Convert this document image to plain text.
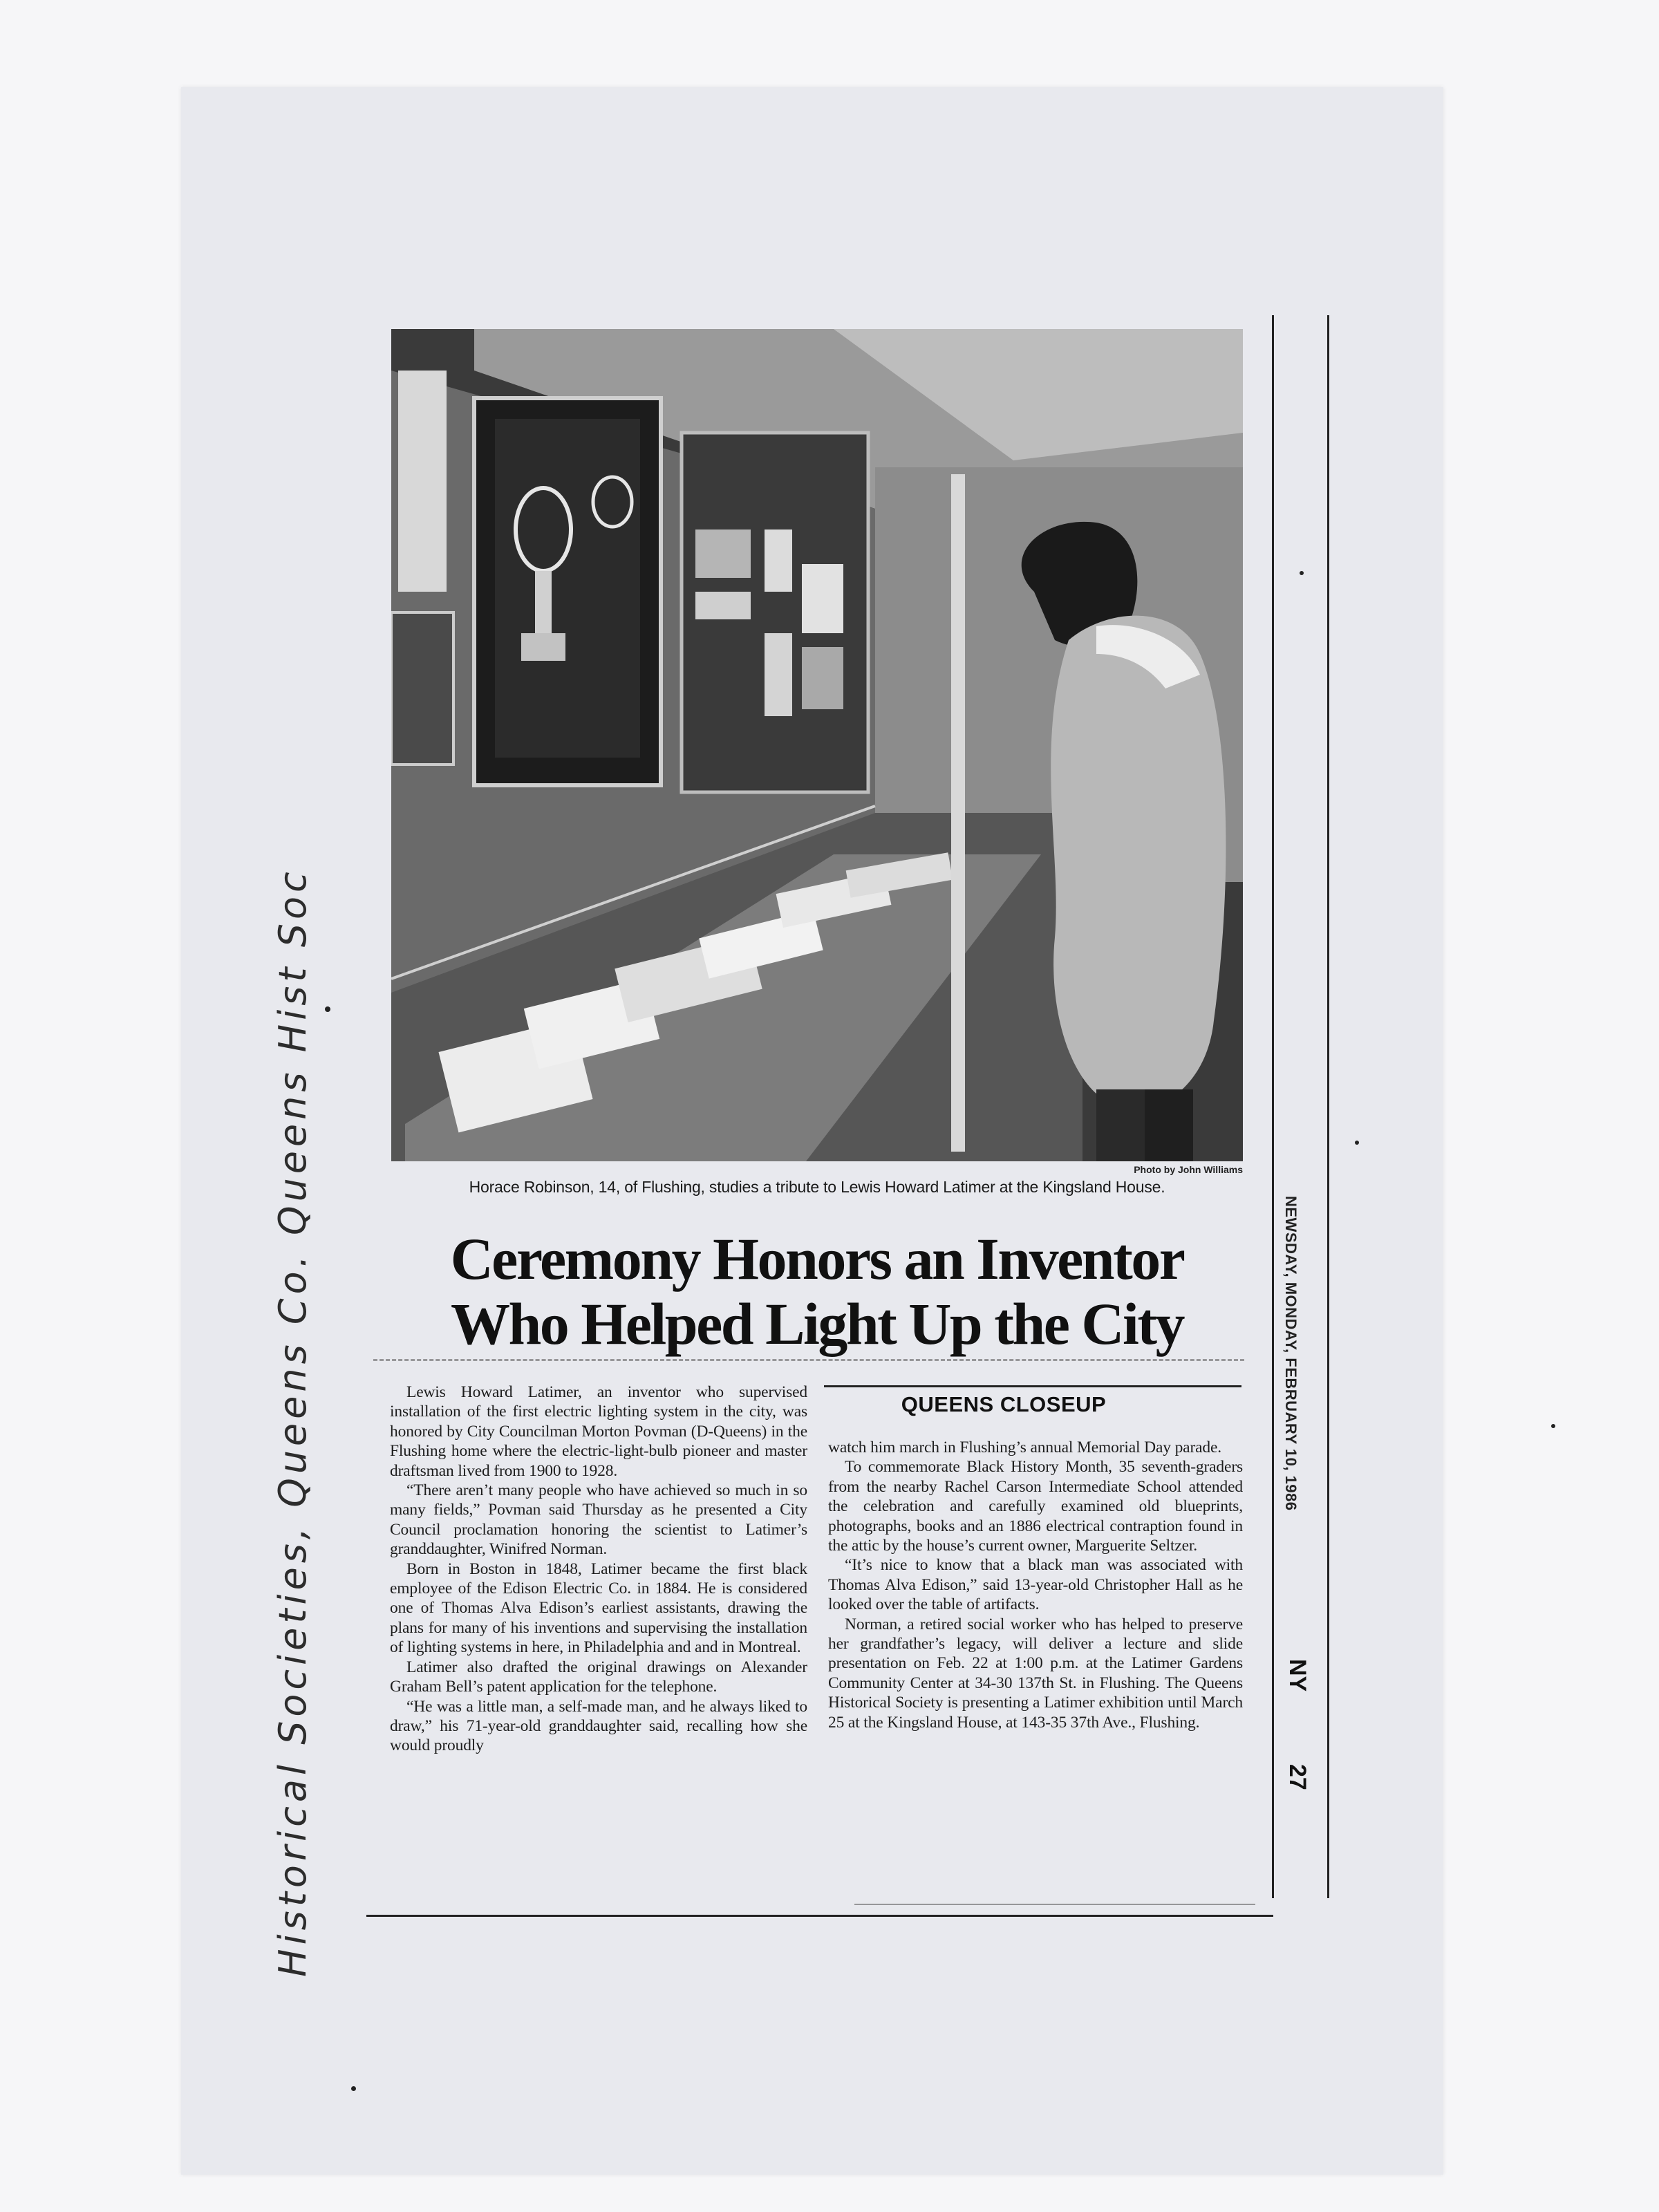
Photo by John Williams
Horace Robinson, 14, of Flushing, studies a tribute to Lewis Howard Latimer at the Kingsland House.
Ceremony Honors an Inventor
Who Helped Light Up the City
QUEENS CLOSEUP

Lewis Howard Latimer, an inventor who supervised installation of the first electric lighting system in the city, was honored by City Councilman Morton Povman (D-Queens) in the Flushing home where the electric-light-bulb pioneer and master draftsman lived from 1900 to 1928.

“There aren’t many people who have achieved so much in so many fields,” Povman said Thursday as he presented a City Council proclamation honoring the scientist to Latimer’s granddaughter, Winifred Norman.

Born in Boston in 1848, Latimer became the first black employee of the Edison Electric Co. in 1884. He is considered one of Thomas Alva Edison’s earliest assistants, drawing the plans for many of his inventions and supervising the installation of lighting systems in here, in Philadelphia and and in Montreal.

Latimer also drafted the original drawings on Alexander Graham Bell’s patent application for the telephone.

“He was a little man, a self-made man, and he always liked to draw,” his 71-year-old granddaughter said, recalling how she would proudly

watch him march in Flushing’s annual Memorial Day parade.

To commemorate Black History Month, 35 seventh-graders from the nearby Rachel Carson Intermediate School attended the celebration and carefully examined old blueprints, photographs, books and an 1886 electrical contraption found in the attic by the house’s current owner, Marguerite Seltzer.

“It’s nice to know that a black man was associated with Thomas Alva Edison,” said 13-year-old Christopher Hall as he looked over the table of artifacts.

Norman, a retired social worker who has helped to preserve her grandfather’s legacy, will deliver a lecture and slide presentation on Feb. 22 at 1:00 p.m. at the Latimer Gardens Community Center at 34-30 137th St. in Flushing. The Queens Historical Society is presenting a Latimer exhibition until March 25 at the Kingsland House, at 143-35 37th Ave., Flushing.

NEWSDAY, MONDAY, FEBRUARY 10, 1986
NY
27
Historical Societies, Queens Co. Queens Hist Soc
